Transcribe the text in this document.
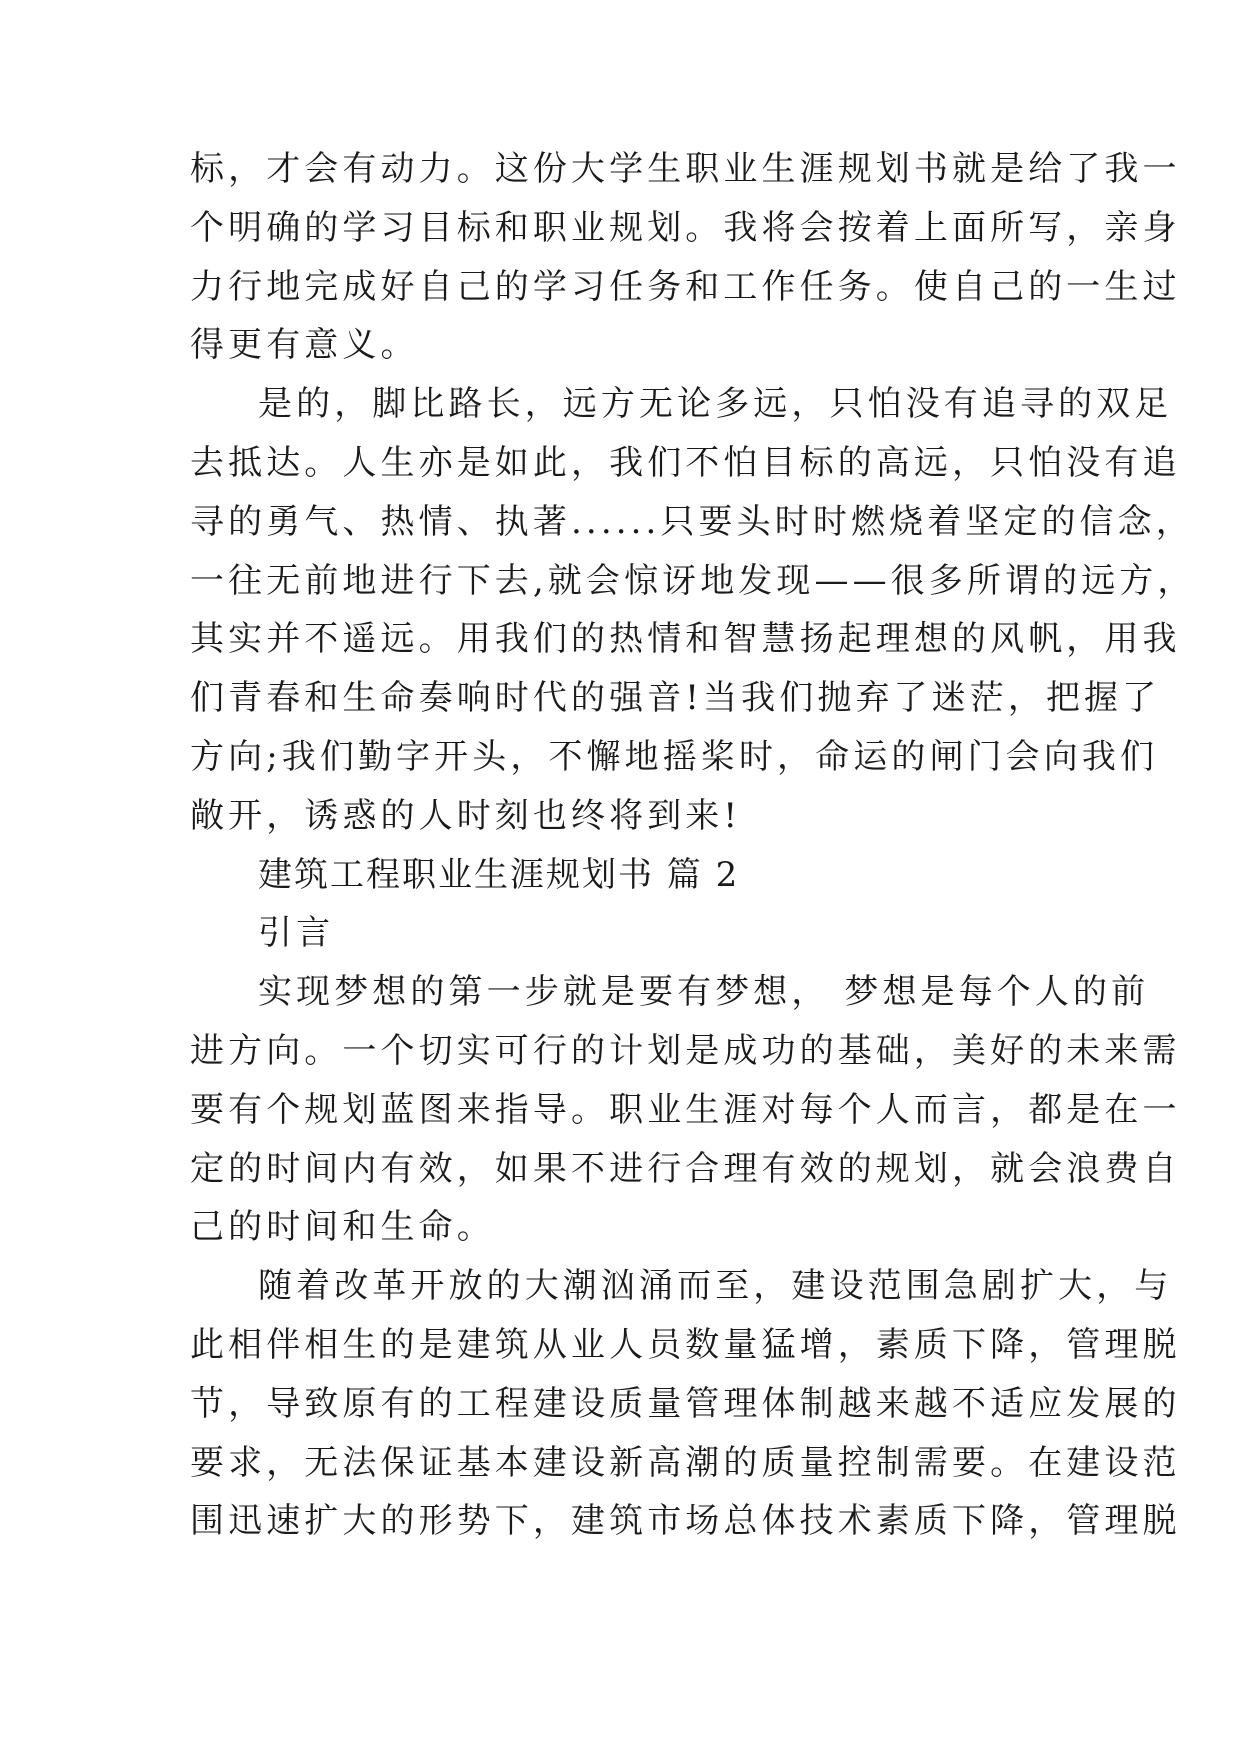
标，才会有动力。这份大学生职业生涯规划书就是给了我一
个明确的学习目标和职业规划。我将会按着上面所写，亲身
力行地完成好自己的学习任务和工作任务。使自己的一生过
得更有意义。
是的，脚比路长，远方无论多远，只怕没有追寻的双足
去抵达。人生亦是如此，我们不怕目标的高远，只怕没有追
寻的勇气、热情、执著......只要头时时燃烧着坚定的信念，
一往无前地进行下去,就会惊讶地发现——很多所谓的远方，
其实并不遥远。用我们的热情和智慧扬起理想的风帆，用我
们青春和生命奏响时代的强音!当我们抛弃了迷茫，把握了
方向;我们勤字开头，不懈地摇桨时，命运的闸门会向我们
敞开，诱惑的人时刻也终将到来!
建筑工程职业生涯规划书 篇 2
引言
实现梦想的第一步就是要有梦想， 梦想是每个人的前
进方向。一个切实可行的计划是成功的基础，美好的未来需
要有个规划蓝图来指导。职业生涯对每个人而言，都是在一
定的时间内有效，如果不进行合理有效的规划，就会浪费自
己的时间和生命。
随着改革开放的大潮汹涌而至，建设范围急剧扩大，与
此相伴相生的是建筑从业人员数量猛增，素质下降，管理脱
节，导致原有的工程建设质量管理体制越来越不适应发展的
要求，无法保证基本建设新高潮的质量控制需要。在建设范
围迅速扩大的形势下，建筑市场总体技术素质下降，管理脱
